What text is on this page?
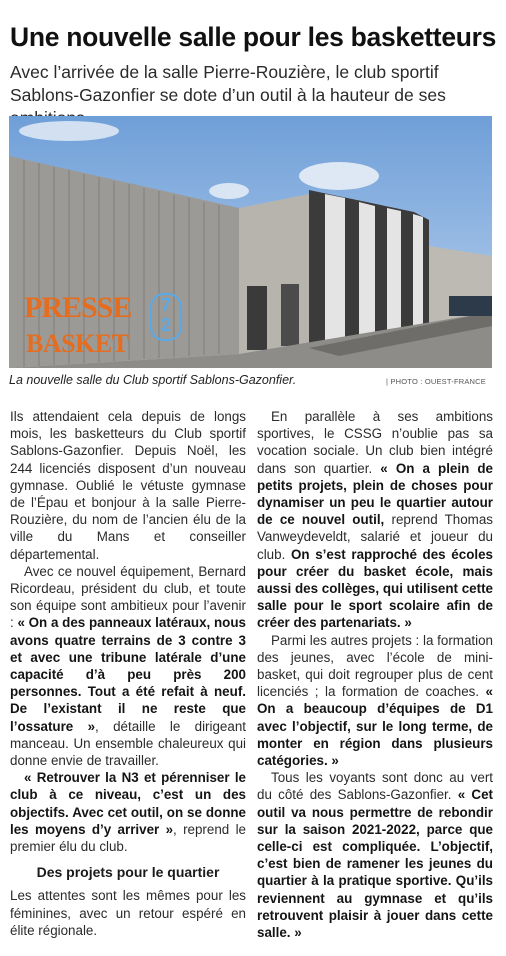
Une nouvelle salle pour les basketteurs
Avec l’arrivée de la salle Pierre-Rouzière, le club sportif Sablons-Gazonfier se dote d’un outil à la hauteur de ses
PRESSE
BASKET
7
2
La nouvelle salle du Club sportif Sablons-Gazonfier.	| PHOTO : OUEST-FRANCE

Ils attendaient cela depuis de longs mois, les basketteurs du Club sportif Sablons-Gazonfier. Depuis Noël, les 244 licenciés disposent d’un nouveau gymnase. Oublié le vétuste gymnase de l’Épau et bonjour à la salle Pierre-Rouzière, du nom de l’ancien élu de la ville du Mans et conseiller départemental.

Avec ce nouvel équipement, Bernard Ricordeau, président du club, et toute son équipe sont ambitieux pour l’avenir : « On a des panneaux latéraux, nous avons quatre terrains de 3 contre 3 et avec une tribune latérale d’une capacité d’à peu près 200 personnes. Tout a été refait à neuf. De l’existant il ne reste que l’ossature », détaille le dirigeant manceau. Un ensemble chaleureux qui donne envie de travailler.

« Retrouver la N3 et pérenniser le club à ce niveau, c’est un des objectifs. Avec cet outil, on se donne les moyens d’y arriver », reprend le premier élu du club.

Des projets pour le quartier

Les attentes sont les mêmes pour les féminines, avec un retour espéré en élite régionale.

En parallèle à ses ambitions sportives, le CSSG n’oublie pas sa vocation sociale. Un club bien intégré dans son quartier. « On a plein de petits projets, plein de choses pour dynamiser un peu le quartier autour de ce nouvel outil, reprend Thomas Vanweydeveldt, salarié et joueur du club. On s’est rapproché des écoles pour créer du basket école, mais aussi des collèges, qui utilisent cette salle pour le sport scolaire afin de créer des partenariats. »

Parmi les autres projets : la formation des jeunes, avec l’école de mini-basket, qui doit regrouper plus de cent licenciés ; la formation de coaches. « On a beaucoup d’équipes de D1 avec l’objectif, sur le long terme, de monter en région dans plusieurs catégories. »

Tous les voyants sont donc au vert du côté des Sablons-Gazonfier. « Cet outil va nous permettre de rebondir sur la saison 2021-2022, parce que celle-ci est compliquée. L’objectif, c’est bien de ramener les jeunes du quartier à la pratique sportive. Qu’ils reviennent au gymnase et qu’ils retrouvent plaisir à jouer dans cette salle. »
